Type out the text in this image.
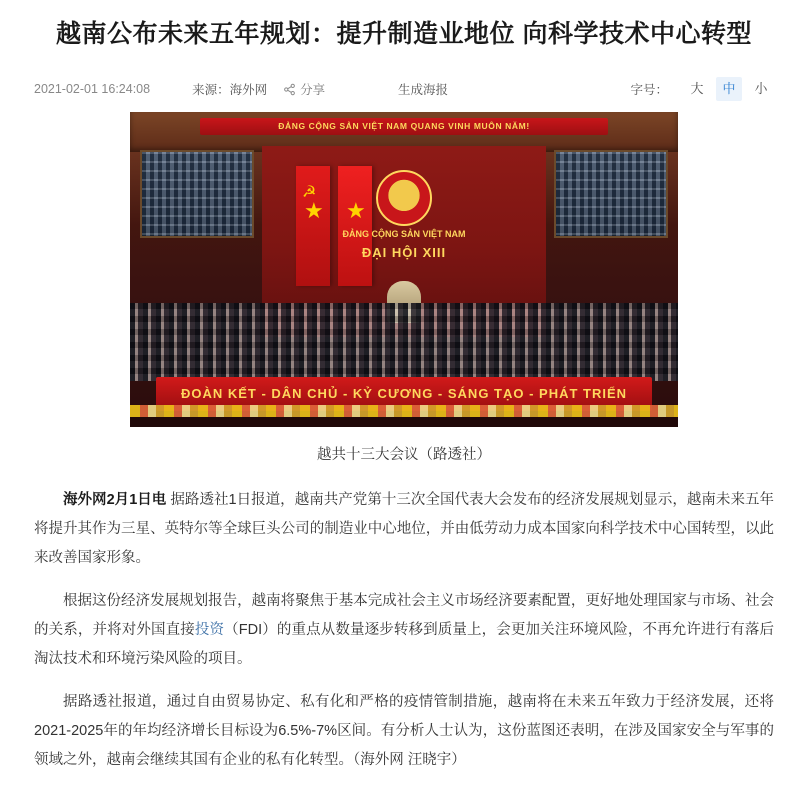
越南公布未来五年规划：提升制造业地位 向科学技术中心转型
2021-02-01 16:24:08	来源：海外网	分享	生成海报	字号：	大	中	小
ĐẢNG CỘNG SẢN VIỆT NAM QUANG VINH MUÔN NĂM!
☭
★ ★
ĐẢNG CỘNG SẢN VIỆT NAM
ĐẠI HỘI XIII
ĐOÀN KẾT - DÂN CHỦ - KỶ CƯƠNG - SÁNG TẠO - PHÁT TRIỂN
越共十三大会议（路透社）

海外网2月1日电 据路透社1日报道，越南共产党第十三次全国代表大会发布的经济发展规划显示，越南未来五年将提升其作为三星、英特尔等全球巨头公司的制造业中心地位，并由低劳动力成本国家向科学技术中心国转型，以此来改善国家形象。

根据这份经济发展规划报告，越南将聚焦于基本完成社会主义市场经济要素配置，更好地处理国家与市场、社会的关系，并将对外国直接投资（FDI）的重点从数量逐步转移到质量上，会更加关注环境风险，不再允许进行有落后淘汰技术和环境污染风险的项目。

据路透社报道，通过自由贸易协定、私有化和严格的疫情管制措施，越南将在未来五年致力于经济发展，还将2021-2025年的年均经济增长目标设为6.5%-7%区间。有分析人士认为，这份蓝图还表明，在涉及国家安全与军事的领域之外，越南会继续其国有企业的私有化转型。（海外网 汪晓宇）
